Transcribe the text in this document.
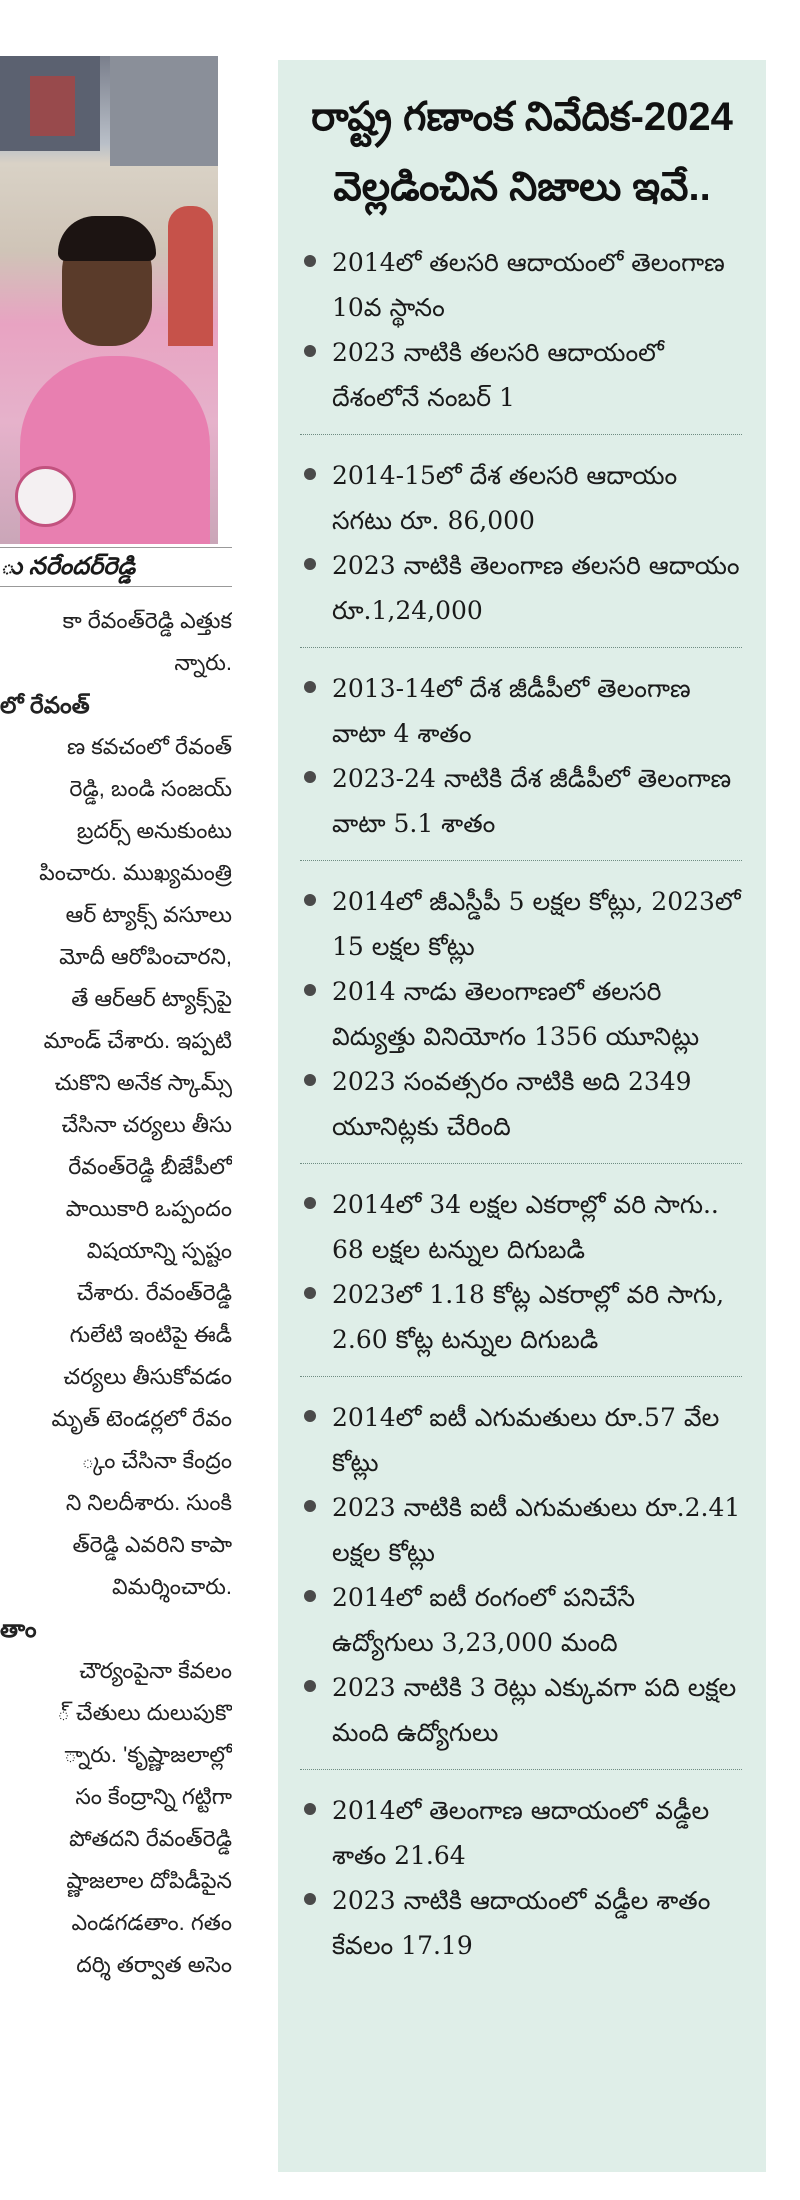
ు నరేందర్‌రెడ్డి
కా రేవంత్‌రెడ్డి ఎత్తుక
న్నారు.
లో రేవంత్
ణ కవచంలో రేవంత్
రెడ్డి, బండి సంజయ్
బ్రదర్స్ అనుకుంటు
పించారు. ముఖ్యమంత్రి
ఆర్ ట్యాక్స్ వసూలు
మోదీ ఆరోపించారని,
తే ఆర్ఆర్ ట్యాక్స్‌పై
మాండ్ చేశారు. ఇప్పటి
చుకొని అనేక స్కామ్స్
చేసినా చర్యలు తీసు
రేవంత్‌రెడ్డి బీజేపీలో
పాయికారి ఒప్పందం
విషయాన్ని స్పష్టం
చేశారు. రేవంత్‌రెడ్డి
గులేటి ఇంటిపై ఈడీ
చర్యలు తీసుకోవడం
మృత్ టెండర్లలో రేవం
్కం చేసినా కేంద్రం
ని నిలదీశారు. సుంకి
త్‌రెడ్డి ఎవరిని కాపా
విమర్శించారు.
తాం
చౌర్యంపైనా కేవలం
్ చేతులు దులుపుకొ
్నారు. 'కృష్ణాజలాల్లో
సం కేంద్రాన్ని గట్టిగా
పోతదని రేవంత్‌రెడ్డి
ష్ణాజలాల దోపిడీపైన
ఎండగడతాం. గతం
దర్శి తర్వాత అసెం
రాష్ట్ర గణాంక నివేదిక-2024 వెల్లడించిన నిజాలు ఇవే..
2014లో తలసరి ఆదాయంలో తెలంగాణ 10వ స్థానం
2023 నాటికి తలసరి ఆదాయంలో దేశంలోనే నంబర్ 1
2014-15లో దేశ తలసరి ఆదాయం సగటు రూ. 86,000
2023 నాటికి తెలంగాణ తలసరి ఆదాయం రూ.1,24,000
2013-14లో దేశ జీడీపీలో తెలంగాణ వాటా 4 శాతం
2023-24 నాటికి దేశ జీడీపీలో తెలంగాణ వాటా 5.1 శాతం
2014లో జీఎస్డీపీ 5 లక్షల కోట్లు, 2023లో 15 లక్షల కోట్లు
2014 నాడు తెలంగాణలో తలసరి విద్యుత్తు వినియోగం 1356 యూనిట్లు
2023 సంవత్సరం నాటికి అది 2349 యూనిట్లకు చేరింది
2014లో 34 లక్షల ఎకరాల్లో వరి సాగు.. 68 లక్షల టన్నుల దిగుబడి
2023లో 1.18 కోట్ల ఎకరాల్లో వరి సాగు, 2.60 కోట్ల టన్నుల దిగుబడి
2014లో ఐటీ ఎగుమతులు రూ.57 వేల కోట్లు
2023 నాటికి ఐటీ ఎగుమతులు రూ.2.41 లక్షల కోట్లు
2014లో ఐటీ రంగంలో పనిచేసే ఉద్యోగులు 3,23,000 మంది
2023 నాటికి 3 రెట్లు ఎక్కువగా పది లక్షల మంది ఉద్యోగులు
2014లో తెలంగాణ ఆదాయంలో వడ్డీల శాతం 21.64
2023 నాటికి ఆదాయంలో వడ్డీల శాతం కేవలం 17.19
